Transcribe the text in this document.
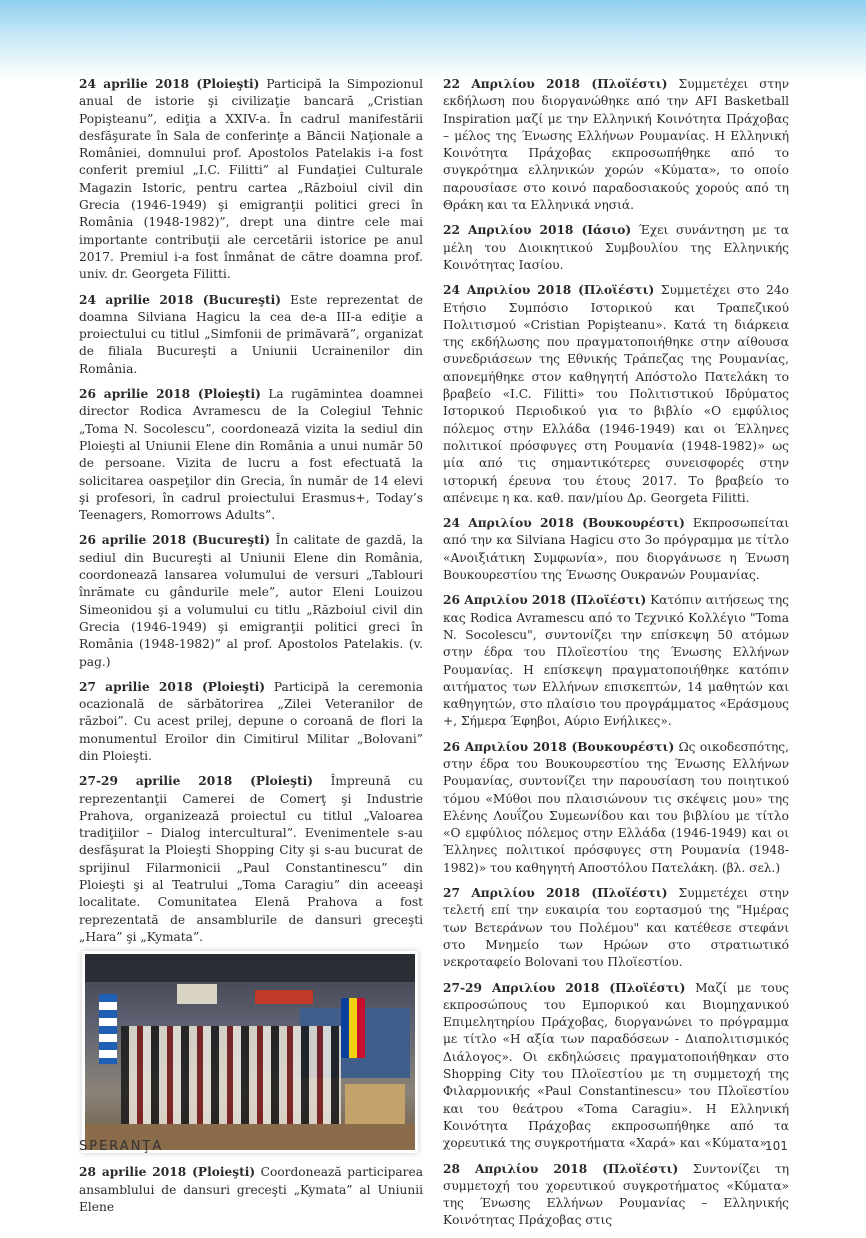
24 aprilie 2018 (Ploieşti) Participă la Simpozionul anual de istorie şi civilizaţie bancară „Cristian Popişteanu”, ediţia a XXIV-a. În cadrul manifestării desfăşurate în Sala de conferinţe a Băncii Naţionale a României, domnului prof. Apostolos Patelakis i-a fost conferit premiul „I.C. Filitti” al Fundaţiei Culturale Magazin Istoric, pentru cartea „Războiul civil din Grecia (1946-1949) şi emigranţii politici greci în România (1948-1982)”, drept una dintre cele mai importante contribuţii ale cercetării istorice pe anul 2017. Premiul i-a fost înmânat de către doamna prof. univ. dr. Georgeta Filitti.

24 aprilie 2018 (Bucureşti) Este reprezentat de doamna Silviana Hagicu la cea de-a III-a ediţie a proiectului cu titlul „Simfonii de primăvară”, organizat de filiala Bucureşti a Uniunii Ucrainenilor din România.

26 aprilie 2018 (Ploieşti) La rugămintea doamnei director Rodica Avramescu de la Colegiul Tehnic „Toma N. Socolescu”, coordonează vizita la sediul din Ploieşti al Uniunii Elene din România a unui număr 50 de persoane. Vizita de lucru a fost efectuată la solicitarea oaspeţilor din Grecia, în număr de 14 elevi şi profesori, în cadrul proiectului Erasmus+, Today’s Teenagers, Romorrows Adults”.

26 aprilie 2018 (Bucureşti) În calitate de gazdă, la sediul din Bucureşti al Uniunii Elene din România, coordonează lansarea volumului de versuri „Tablouri înrămate cu gândurile mele”, autor Eleni Louizou Simeonidou şi a volumului cu titlu „Războiul civil din Grecia (1946-1949) şi emigranţii politici greci în România (1948-1982)” al prof. Apostolos Patelakis. (v. pag.)

27 aprilie 2018 (Ploieşti) Participă la ceremonia ocazională de sărbătorirea „Zilei Veteranilor de război”. Cu acest prilej, depune o coroană de flori la monumentul Eroilor din Cimitirul Militar „Bolovani” din Ploieşti.

27-29 aprilie 2018 (Ploieşti) Împreună cu reprezentanţii Camerei de Comerţ şi Industrie Prahova, organizează proiectul cu titlul „Valoarea tradiţiilor – Dialog intercultural”. Evenimentele s-au desfăşurat la Ploieşti Shopping City şi s-au bucurat de sprijinul Filarmonicii „Paul Constantinescu” din Ploieşti şi al Teatrului „Toma Caragiu” din aceeaşi localitate. Comunitatea Elenă Prahova a fost reprezentată de ansamblurile de dansuri greceşti „Hara” şi „Kymata”.

28 aprilie 2018 (Ploieşti) Coordonează participarea ansamblului de dansuri greceşti „Kymata” al Uniunii Elene

22 Απριλίου 2018 (Πλοϊέστι) Συμμετέχει στην εκδήλωση που διοργανώθηκε από την AFI Basketball Inspiration μαζί με την Ελληνική Κοινότητα Πράχοβας – μέλος της Ένωσης Ελλήνων Ρουμανίας. Η Ελληνική Κοινότητα Πράχοβας εκπροσωπήθηκε από το συγκρότημα ελληνικών χορών «Κύματα», το οποίο παρουσίασε στο κοινό παραδοσιακούς χορούς από τη Θράκη και τα Ελληνικά νησιά.

22 Απριλίου 2018 (Ιάσιο) Έχει συνάντηση με τα μέλη του Διοικητικού Συμβουλίου της Ελληνικής Κοινότητας Ιασίου.

24 Απριλίου 2018 (Πλοϊέστι) Συμμετέχει στο 24ο Ετήσιο Συμπόσιο Ιστορικού και Τραπεζικού Πολιτισμού «Cristian Popişteanu». Κατά τη διάρκεια της εκδήλωσης που πραγματοποιήθηκε στην αίθουσα συνεδριάσεων της Εθνικής Τράπεζας της Ρουμανίας, απονεμήθηκε στον καθηγητή Απόστολο Πατελάκη το βραβείο «I.C. Filitti» του Πολιτιστικού Ιδρύματος Ιστορικού Περιοδικού για το βιβλίο «Ο εμφύλιος πόλεμος στην Ελλάδα (1946-1949) και οι Έλληνες πολιτικοί πρόσφυγες στη Ρουμανία (1948-1982)» ως μία από τις σημαντικότερες συνεισφορές στην ιστορική έρευνα του έτους 2017. Το βραβείο το απένειμε η κα. καθ. παν/μίου Δρ. Georgeta Filitti.

24 Απριλίου 2018 (Βουκουρέστι) Εκπροσωπείται από την κα Silviana Hagicu στο 3ο πρόγραμμα με τίτλο «Ανοιξιάτικη Συμφωνία», που διοργάνωσε η Ένωση Βουκουρεστίου της Ένωσης Ουκρανών Ρουμανίας.

26 Απριλίου 2018 (Πλοϊέστι) Κατόπιν αιτήσεως της κας Rodica Avramescu από το Τεχνικό Κολλέγιο "Toma N. Socolescu", συντονίζει την επίσκεψη 50 ατόμων στην έδρα του Πλοϊεστίου της Ένωσης Ελλήνων Ρουμανίας. Η επίσκεψη πραγματοποιήθηκε κατόπιν αιτήματος των Ελλήνων επισκεπτών, 14 μαθητών και καθηγητών, στο πλαίσιο του προγράμματος «Εράσμους +, Σήμερα Έφηβοι, Αύριο Ενήλικες».

26 Απριλίου 2018 (Βουκουρέστι) Ως οικοδεσπότης, στην έδρα του Βουκουρεστίου της Ένωσης Ελλήνων Ρουμανίας, συντονίζει την παρουσίαση του ποιητικού τόμου «Μύθοι που πλαισιώνουν τις σκέψεις μου» της Ελένης Λουΐζου Συμεωνίδου και του βιβλίου με τίτλο «Ο εμφύλιος πόλεμος στην Ελλάδα (1946-1949) και οι Έλληνες πολιτικοί πρόσφυγες στη Ρουμανία (1948-1982)» του καθηγητή Αποστόλου Πατελάκη. (βλ. σελ.)

27 Απριλίου 2018 (Πλοϊέστι) Συμμετέχει στην τελετή επί την ευκαιρία του εορτασμού της "Ημέρας των Βετεράνων του Πολέμου" και κατέθεσε στεφάνι στο Μνημείο των Ηρώων στο στρατιωτικό νεκροταφείο Bolovani του Πλοϊεστίου.

27-29 Απριλίου 2018 (Πλοϊέστι) Μαζί με τους εκπροσώπους του Εμπορικού και Βιομηχανικού Επιμελητηρίου Πράχοβας, διοργανώνει το πρόγραμμα με τίτλο «Η αξία των παραδόσεων - Διαπολιτισμικός Διάλογος». Οι εκδηλώσεις πραγματοποιήθηκαν στο Shopping City του Πλοϊεστίου με τη συμμετοχή της Φιλαρμονικής «Paul Constantinescu» του Πλοϊεστίου και του θεάτρου «Toma Caragiu». Η Ελληνική Κοινότητα Πράχοβας εκπροσωπήθηκε από τα χορευτικά της συγκροτήματα «Χαρά» και «Κύματα».

28 Απριλίου 2018 (Πλοϊέστι) Συντονίζει τη συμμετοχή του χορευτικού συγκροτήματος «Κύματα» της Ένωσης Ελλήνων Ρουμανίας – Ελληνικής Κοινότητας Πράχοβας στις

SPERANŢA	101
